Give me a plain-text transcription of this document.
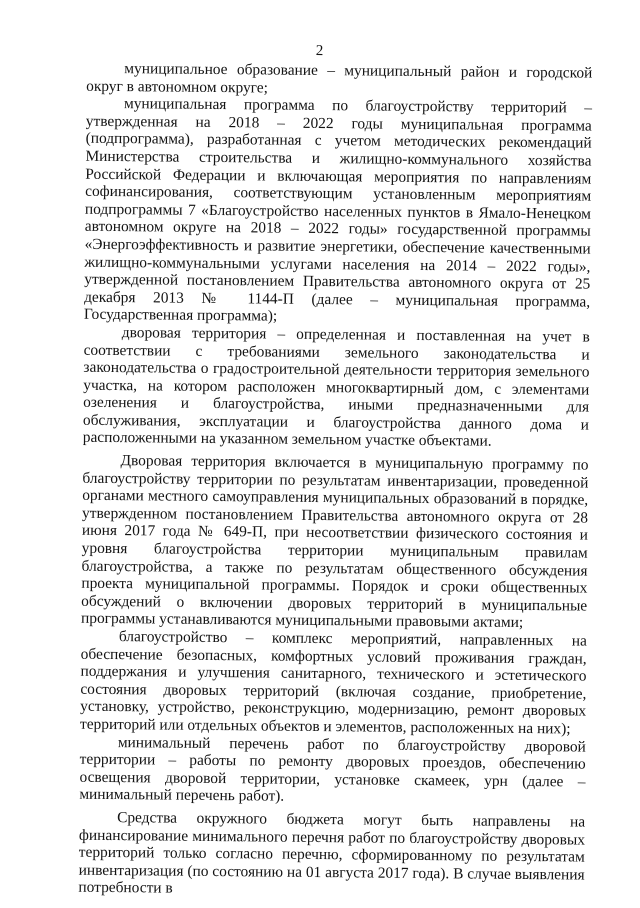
2

муниципальное образование – муниципальный район и городской округ в автономном округе;

муниципальная программа по благоустройству территорий – утвержденная на 2018 – 2022 годы муниципальная программа (подпрограмма), разработанная с учетом методических рекомендаций Министерства строительства и жилищно-коммунального хозяйства Российской Федерации и включающая мероприятия по направлениям софинансирования, соответствующим установленным мероприятиям подпрограммы 7 «Благоустройство населенных пунктов в Ямало-Ненецком автономном округе на 2018 – 2022 годы» государственной программы «Энергоэффективность и развитие энергетики, обеспечение качественными жилищно-коммунальными услугами населения на 2014 – 2022 годы», утвержденной постановлением Правительства автономного округа от 25 декабря 2013 № 1144-П (далее – муниципальная программа, Государственная программа);

дворовая территория – определенная и поставленная на учет в соответствии с требованиями земельного законодательства и законодательства о градостроительной деятельности территория земельного участка, на котором расположен многоквартирный дом, с элементами озеленения и благоустройства, иными предназначенными для обслуживания, эксплуатации и благоустройства данного дома и расположенными на указанном земельном участке объектами.

Дворовая территория включается в муниципальную программу по благоустройству территории по результатам инвентаризации, проведенной органами местного самоуправления муниципальных образований в порядке, утвержденном постановлением Правительства автономного округа от 28 июня 2017 года № 649-П, при несоответствии физического состояния и уровня благоустройства территории муниципальным правилам благоустройства, а также по результатам общественного обсуждения проекта муниципальной программы. Порядок и сроки общественных обсуждений о включении дворовых территорий в муниципальные программы устанавливаются муниципальными правовыми актами;

благоустройство – комплекс мероприятий, направленных на обеспечение безопасных, комфортных условий проживания граждан, поддержания и улучшения санитарного, технического и эстетического состояния дворовых территорий (включая создание, приобретение, установку, устройство, реконструкцию, модернизацию, ремонт дворовых территорий или отдельных объектов и элементов, расположенных на них);

минимальный перечень работ по благоустройству дворовой территории – работы по ремонту дворовых проездов, обеспечению освещения дворовой территории, установке скамеек, урн (далее – минимальный перечень работ).

Средства окружного бюджета могут быть направлены на финансирование минимального перечня работ по благоустройству дворовых территорий только согласно перечню, сформированному по результатам инвентаризация (по состоянию на 01 августа 2017 года). В случае выявления потребности в
